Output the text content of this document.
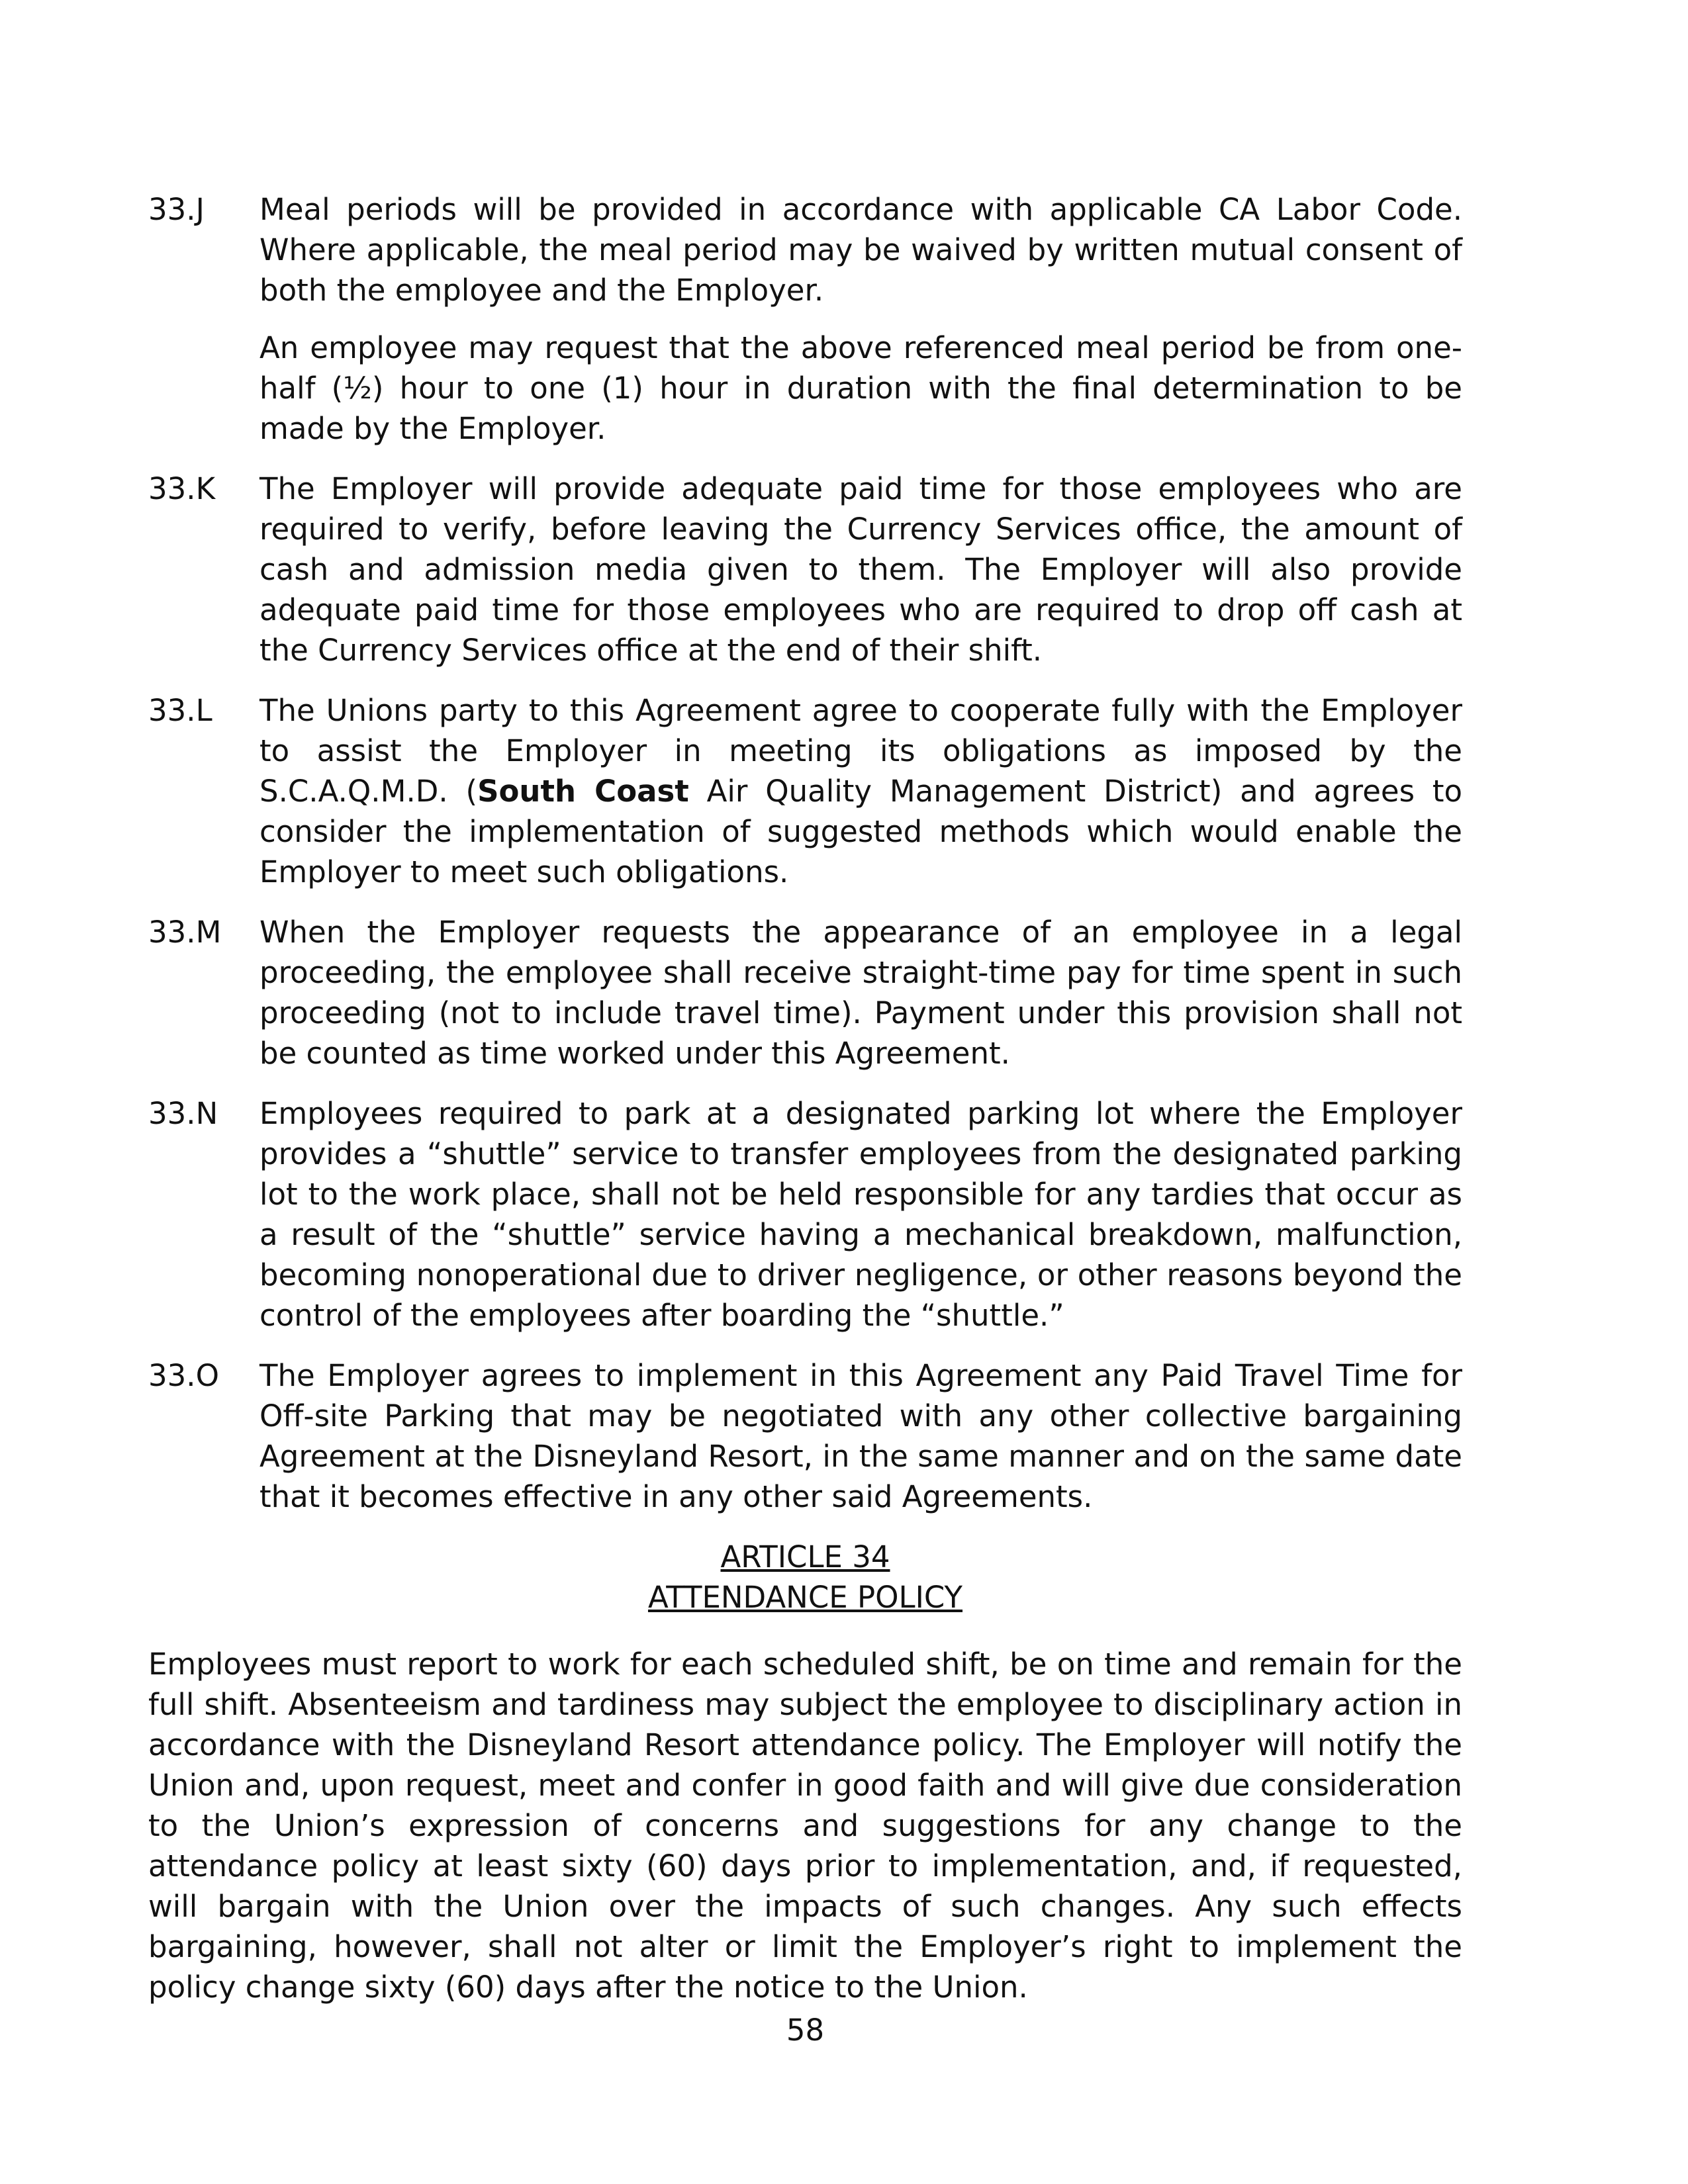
33.J	Meal periods will be provided in accordance with applicable CA Labor Code. Where applicable, the meal period may be waived by written mutual consent of both the employee and the Employer.

An employee may request that the above referenced meal period be from one-half (½) hour to one (1) hour in duration with the final determination to be made by the Employer.

33.K	The Employer will provide adequate paid time for those employees who are required to verify, before leaving the Currency Services office, the amount of cash and admission media given to them. The Employer will also provide adequate paid time for those employees who are required to drop off cash at the Currency Services office at the end of their shift.

33.L	The Unions party to this Agreement agree to cooperate fully with the Employer to assist the Employer in meeting its obligations as imposed by the S.C.A.Q.M.D. (South Coast Air Quality Management District) and agrees to consider the implementation of suggested methods which would enable the Employer to meet such obligations.

33.M	When the Employer requests the appearance of an employee in a legal proceeding, the employee shall receive straight-time pay for time spent in such proceeding (not to include travel time). Payment under this provision shall not be counted as time worked under this Agreement.

33.N	Employees required to park at a designated parking lot where the Employer provides a “shuttle” service to transfer employees from the designated parking lot to the work place, shall not be held responsible for any tardies that occur as a result of the “shuttle” service having a mechanical breakdown, malfunction, becoming nonoperational due to driver negligence, or other reasons beyond the control of the employees after boarding the “shuttle.”

33.O	The Employer agrees to implement in this Agreement any Paid Travel Time for Off-site Parking that may be negotiated with any other collective bargaining Agreement at the Disneyland Resort, in the same manner and on the same date that it becomes effective in any other said Agreements.

ARTICLE 34

ATTENDANCE POLICY

Employees must report to work for each scheduled shift, be on time and remain for the full shift. Absenteeism and tardiness may subject the employee to disciplinary action in accordance with the Disneyland Resort attendance policy. The Employer will notify the Union and, upon request, meet and confer in good faith and will give due consideration to the Union’s expression of concerns and suggestions for any change to the attendance policy at least sixty (60) days prior to implementation, and, if requested, will bargain with the Union over the impacts of such changes. Any such effects bargaining, however, shall not alter or limit the Employer’s right to implement the policy change sixty (60) days after the notice to the Union.

58
